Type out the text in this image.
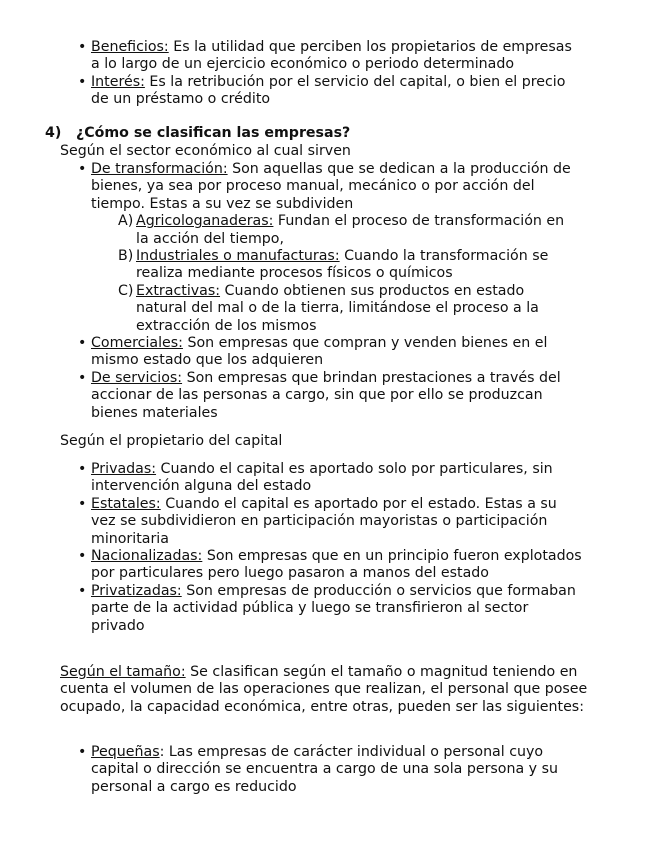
• Beneficios: Es la utilidad que perciben los propietarios de empresas a lo largo de un ejercicio económico o periodo determinado
• Interés: Es la retribución por el servicio del capital, o bien el precio de un préstamo o crédito
4) ¿Cómo se clasifican las empresas?
Según el sector económico al cual sirven
• De transformación: Son aquellas que se dedican a la producción de bienes, ya sea por proceso manual, mecánico o por acción del tiempo. Estas a su vez se subdividen
A) Agricologanaderas: Fundan el proceso de transformación en la acción del tiempo,
B) Industriales o manufacturas: Cuando la transformación se realiza mediante procesos físicos o químicos
C) Extractivas: Cuando obtienen sus productos en estado natural del mal o de la tierra, limitándose el proceso a la extracción de los mismos
• Comerciales: Son empresas que compran y venden bienes en el mismo estado que los adquieren
• De servicios: Son empresas que brindan prestaciones a través del accionar de las personas a cargo, sin que por ello se produzcan bienes materiales
Según el propietario del capital
• Privadas: Cuando el capital es aportado solo por particulares, sin intervención alguna del estado
• Estatales: Cuando el capital es aportado por el estado. Estas a su vez se subdividieron en participación mayoristas o participación minoritaria
• Nacionalizadas: Son empresas que en un principio fueron explotados por particulares pero luego pasaron a manos del estado
• Privatizadas: Son empresas de producción o servicios que formaban parte de la actividad pública y luego se transfirieron al sector privado
Según el tamaño: Se clasifican según el tamaño o magnitud teniendo en cuenta el volumen de las operaciones que realizan, el personal que posee ocupado, la capacidad económica, entre otras, pueden ser las siguientes:
• Pequeñas: Las empresas de carácter individual o personal cuyo capital o dirección se encuentra a cargo de una sola persona y su personal a cargo es reducido
